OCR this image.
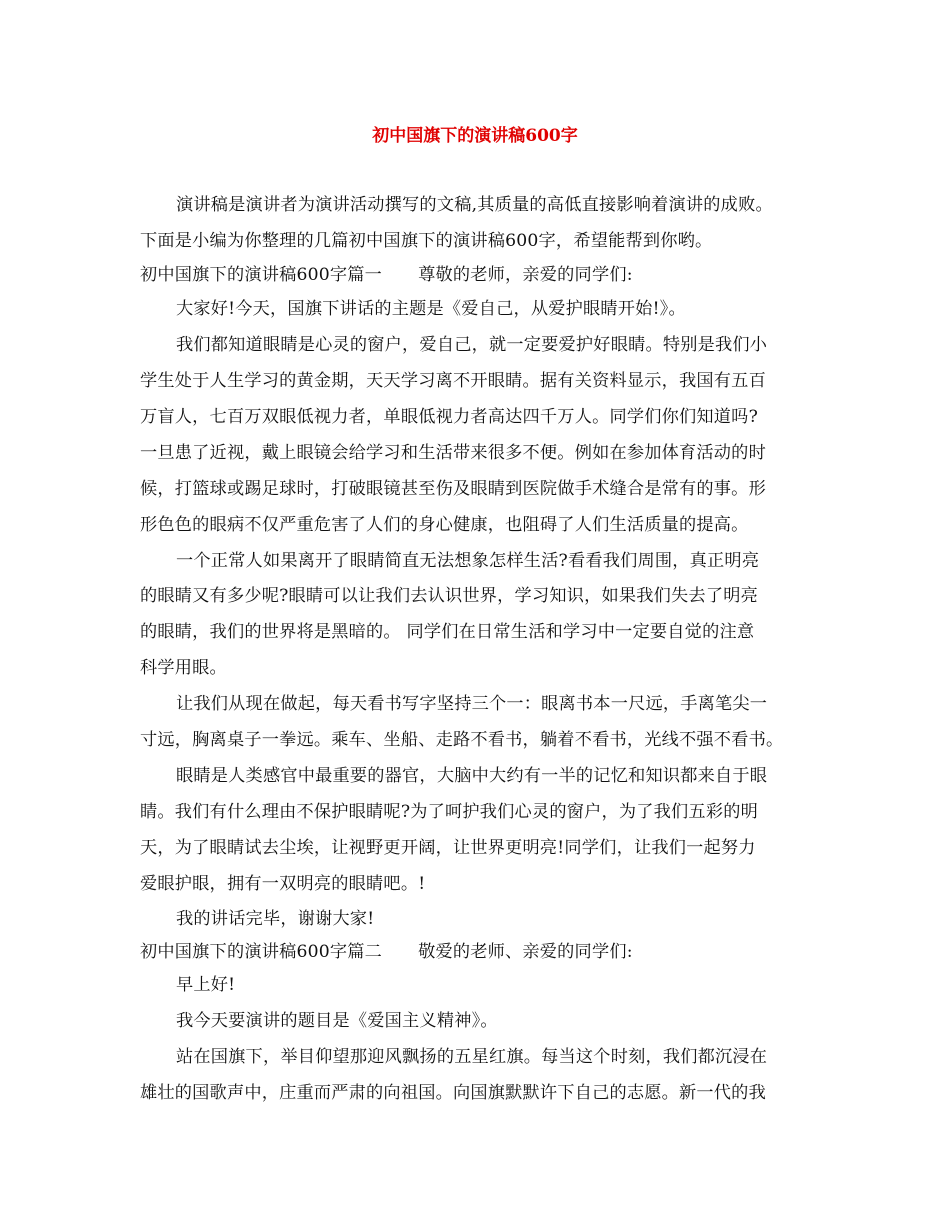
初中国旗下的演讲稿600字
演讲稿是演讲者为演讲活动撰写的文稿,其质量的高低直接影响着演讲的成败。
下面是小编为你整理的几篇初中国旗下的演讲稿600字，希望能帮到你哟。
初中国旗下的演讲稿600字篇一 尊敬的老师，亲爱的同学们:
大家好!今天，国旗下讲话的主题是《爱自己，从爱护眼睛开始!》。
我们都知道眼睛是心灵的窗户，爱自己，就一定要爱护好眼睛。特别是我们小
学生处于人生学习的黄金期，天天学习离不开眼睛。据有关资料显示，我国有五百
万盲人，七百万双眼低视力者，单眼低视力者高达四千万人。同学们你们知道吗?
一旦患了近视，戴上眼镜会给学习和生活带来很多不便。例如在参加体育活动的时
候，打篮球或踢足球时，打破眼镜甚至伤及眼睛到医院做手术缝合是常有的事。形
形色色的眼病不仅严重危害了人们的身心健康，也阻碍了人们生活质量的提高。
一个正常人如果离开了眼睛简直无法想象怎样生活?看看我们周围，真正明亮
的眼睛又有多少呢?眼睛可以让我们去认识世界，学习知识，如果我们失去了明亮
的眼睛，我们的世界将是黑暗的。 同学们在日常生活和学习中一定要自觉的注意
科学用眼。
让我们从现在做起，每天看书写字坚持三个一：眼离书本一尺远，手离笔尖一
寸远，胸离桌子一拳远。乘车、坐船、走路不看书，躺着不看书，光线不强不看书。
眼睛是人类感官中最重要的器官，大脑中大约有一半的记忆和知识都来自于眼
睛。我们有什么理由不保护眼睛呢?为了呵护我们心灵的窗户，为了我们五彩的明
天，为了眼睛试去尘埃，让视野更开阔，让世界更明亮!同学们，让我们一起努力
爱眼护眼，拥有一双明亮的眼睛吧。!
我的讲话完毕，谢谢大家!
初中国旗下的演讲稿600字篇二 敬爱的老师、亲爱的同学们:
早上好!
我今天要演讲的题目是《爱国主义精神》。
站在国旗下，举目仰望那迎风飘扬的五星红旗。每当这个时刻，我们都沉浸在
雄壮的国歌声中，庄重而严肃的向祖国。向国旗默默许下自己的志愿。新一代的我
